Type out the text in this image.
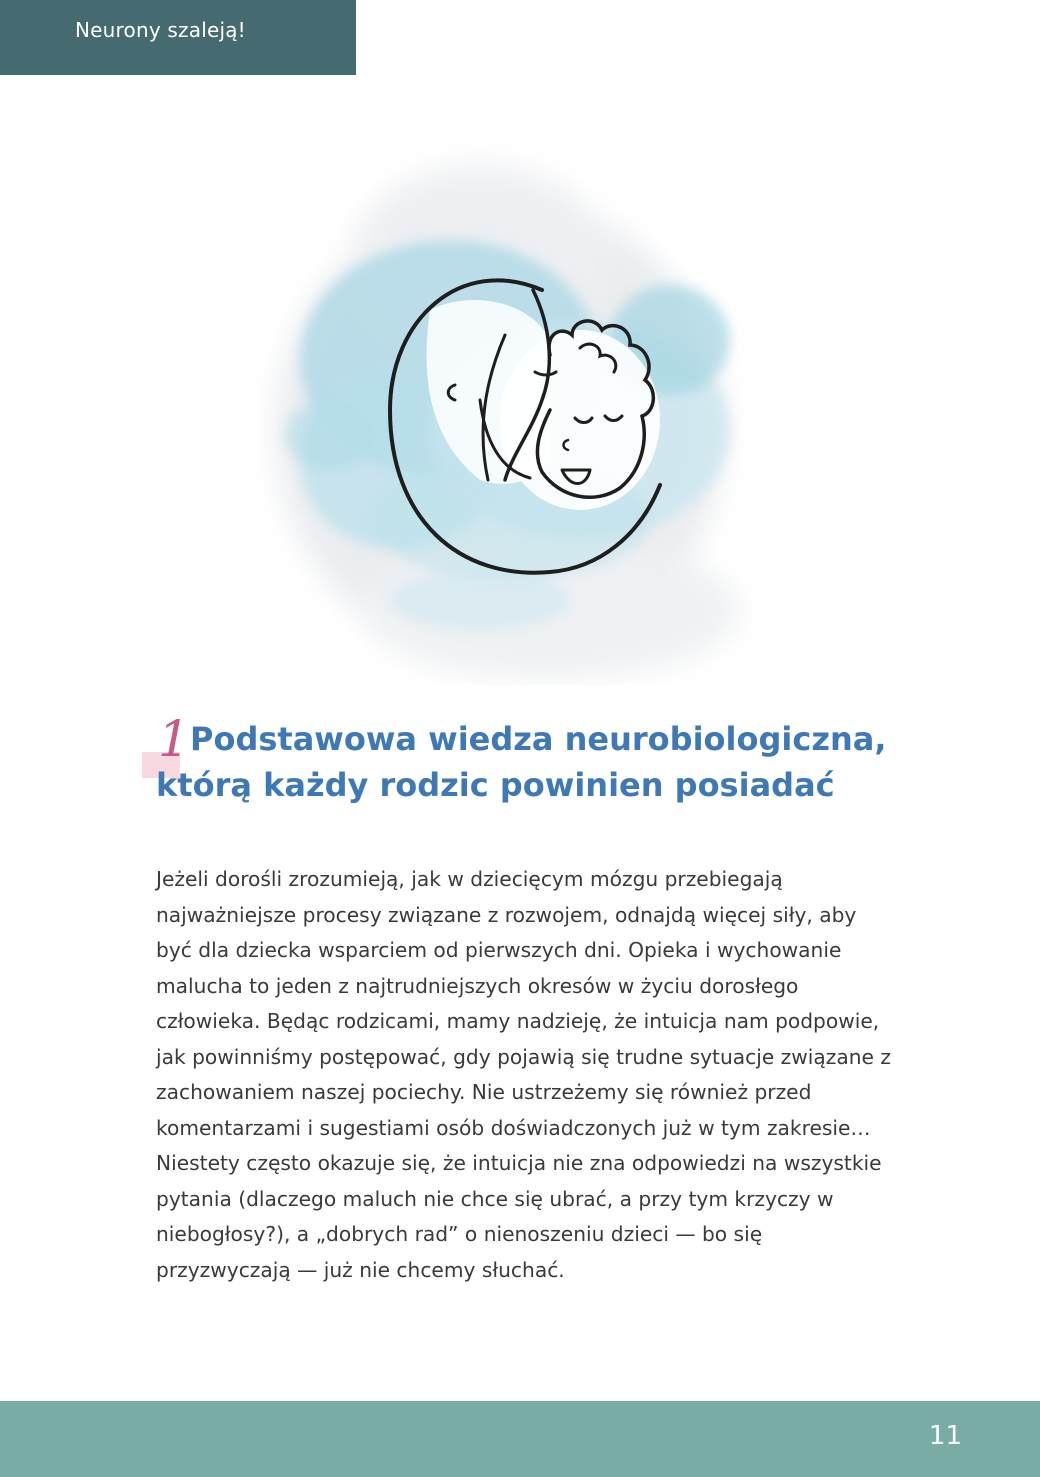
Neurony szaleją!
1 Podstawowa wiedza neurobiologiczna, którą każdy rodzic powinien posiadać

Jeżeli dorośli zrozumieją, jak w dziecięcym mózgu przebiegają najważniejsze procesy związane z rozwojem, odnajdą więcej siły, aby być dla dziecka wsparciem od pierwszych dni. Opieka i wychowanie malucha to jeden z najtrudniejszych okresów w życiu dorosłego człowieka. Będąc rodzicami, mamy nadzieję, że intuicja nam podpowie, jak powinniśmy postępować, gdy pojawią się trudne sytuacje związane z zachowaniem naszej pociechy. Nie ustrzeżemy się również przed komentarzami i sugestiami osób doświadczonych już w tym zakresie… Niestety często okazuje się, że intuicja nie zna odpowiedzi na wszystkie pytania (dlaczego maluch nie chce się ubrać, a przy tym krzyczy w niebogłosy?), a „dobrych rad” o nienoszeniu dzieci — bo się przyzwyczają — już nie chcemy słuchać.

11
